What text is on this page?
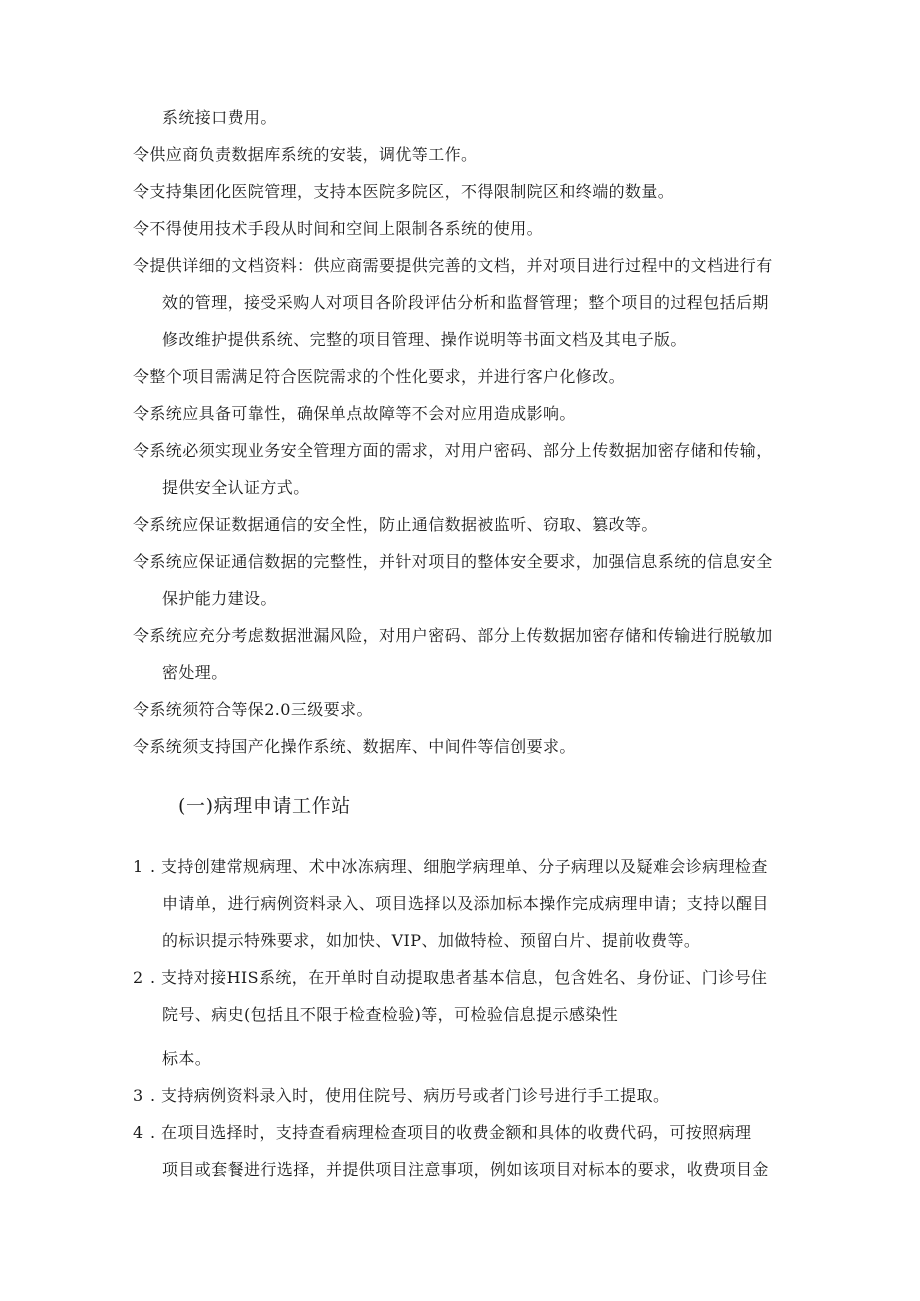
系统接口费用。
令供应商负责数据库系统的安装，调优等工作。
令支持集团化医院管理，支持本医院多院区，不得限制院区和终端的数量。
令不得使用技术手段从时间和空间上限制各系统的使用。
令提供详细的文档资料：供应商需要提供完善的文档，并对项目进行过程中的文档进行有
效的管理，接受采购人对项目各阶段评估分析和监督管理；整个项目的过程包括后期
修改维护提供系统、完整的项目管理、操作说明等书面文档及其电子版。
令整个项目需满足符合医院需求的个性化要求，并进行客户化修改。
令系统应具备可靠性，确保单点故障等不会对应用造成影响。
令系统必须实现业务安全管理方面的需求，对用户密码、部分上传数据加密存储和传输，
提供安全认证方式。
令系统应保证数据通信的安全性，防止通信数据被监听、窃取、篡改等。
令系统应保证通信数据的完整性，并针对项目的整体安全要求，加强信息系统的信息安全
保护能力建设。
令系统应充分考虑数据泄漏风险，对用户密码、部分上传数据加密存储和传输进行脱敏加
密处理。
令系统须符合等保2.0三级要求。
令系统须支持国产化操作系统、数据库、中间件等信创要求。
(一)病理申请工作站
1 . 支持创建常规病理、术中冰冻病理、细胞学病理单、分子病理以及疑难会诊病理检查
申请单，进行病例资料录入、项目选择以及添加标本操作完成病理申请；支持以醒目
的标识提示特殊要求，如加快、VIP、加做特检、预留白片、提前收费等。
2 . 支持对接HIS系统，在开单时自动提取患者基本信息，包含姓名、身份证、门诊号住
院号、病史(包括且不限于检查检验)等，可检验信息提示感染性
标本。
3 . 支持病例资料录入时，使用住院号、病历号或者门诊号进行手工提取。
4 . 在项目选择时，支持查看病理检查项目的收费金额和具体的收费代码，可按照病理
项目或套餐进行选择，并提供项目注意事项，例如该项目对标本的要求，收费项目金
